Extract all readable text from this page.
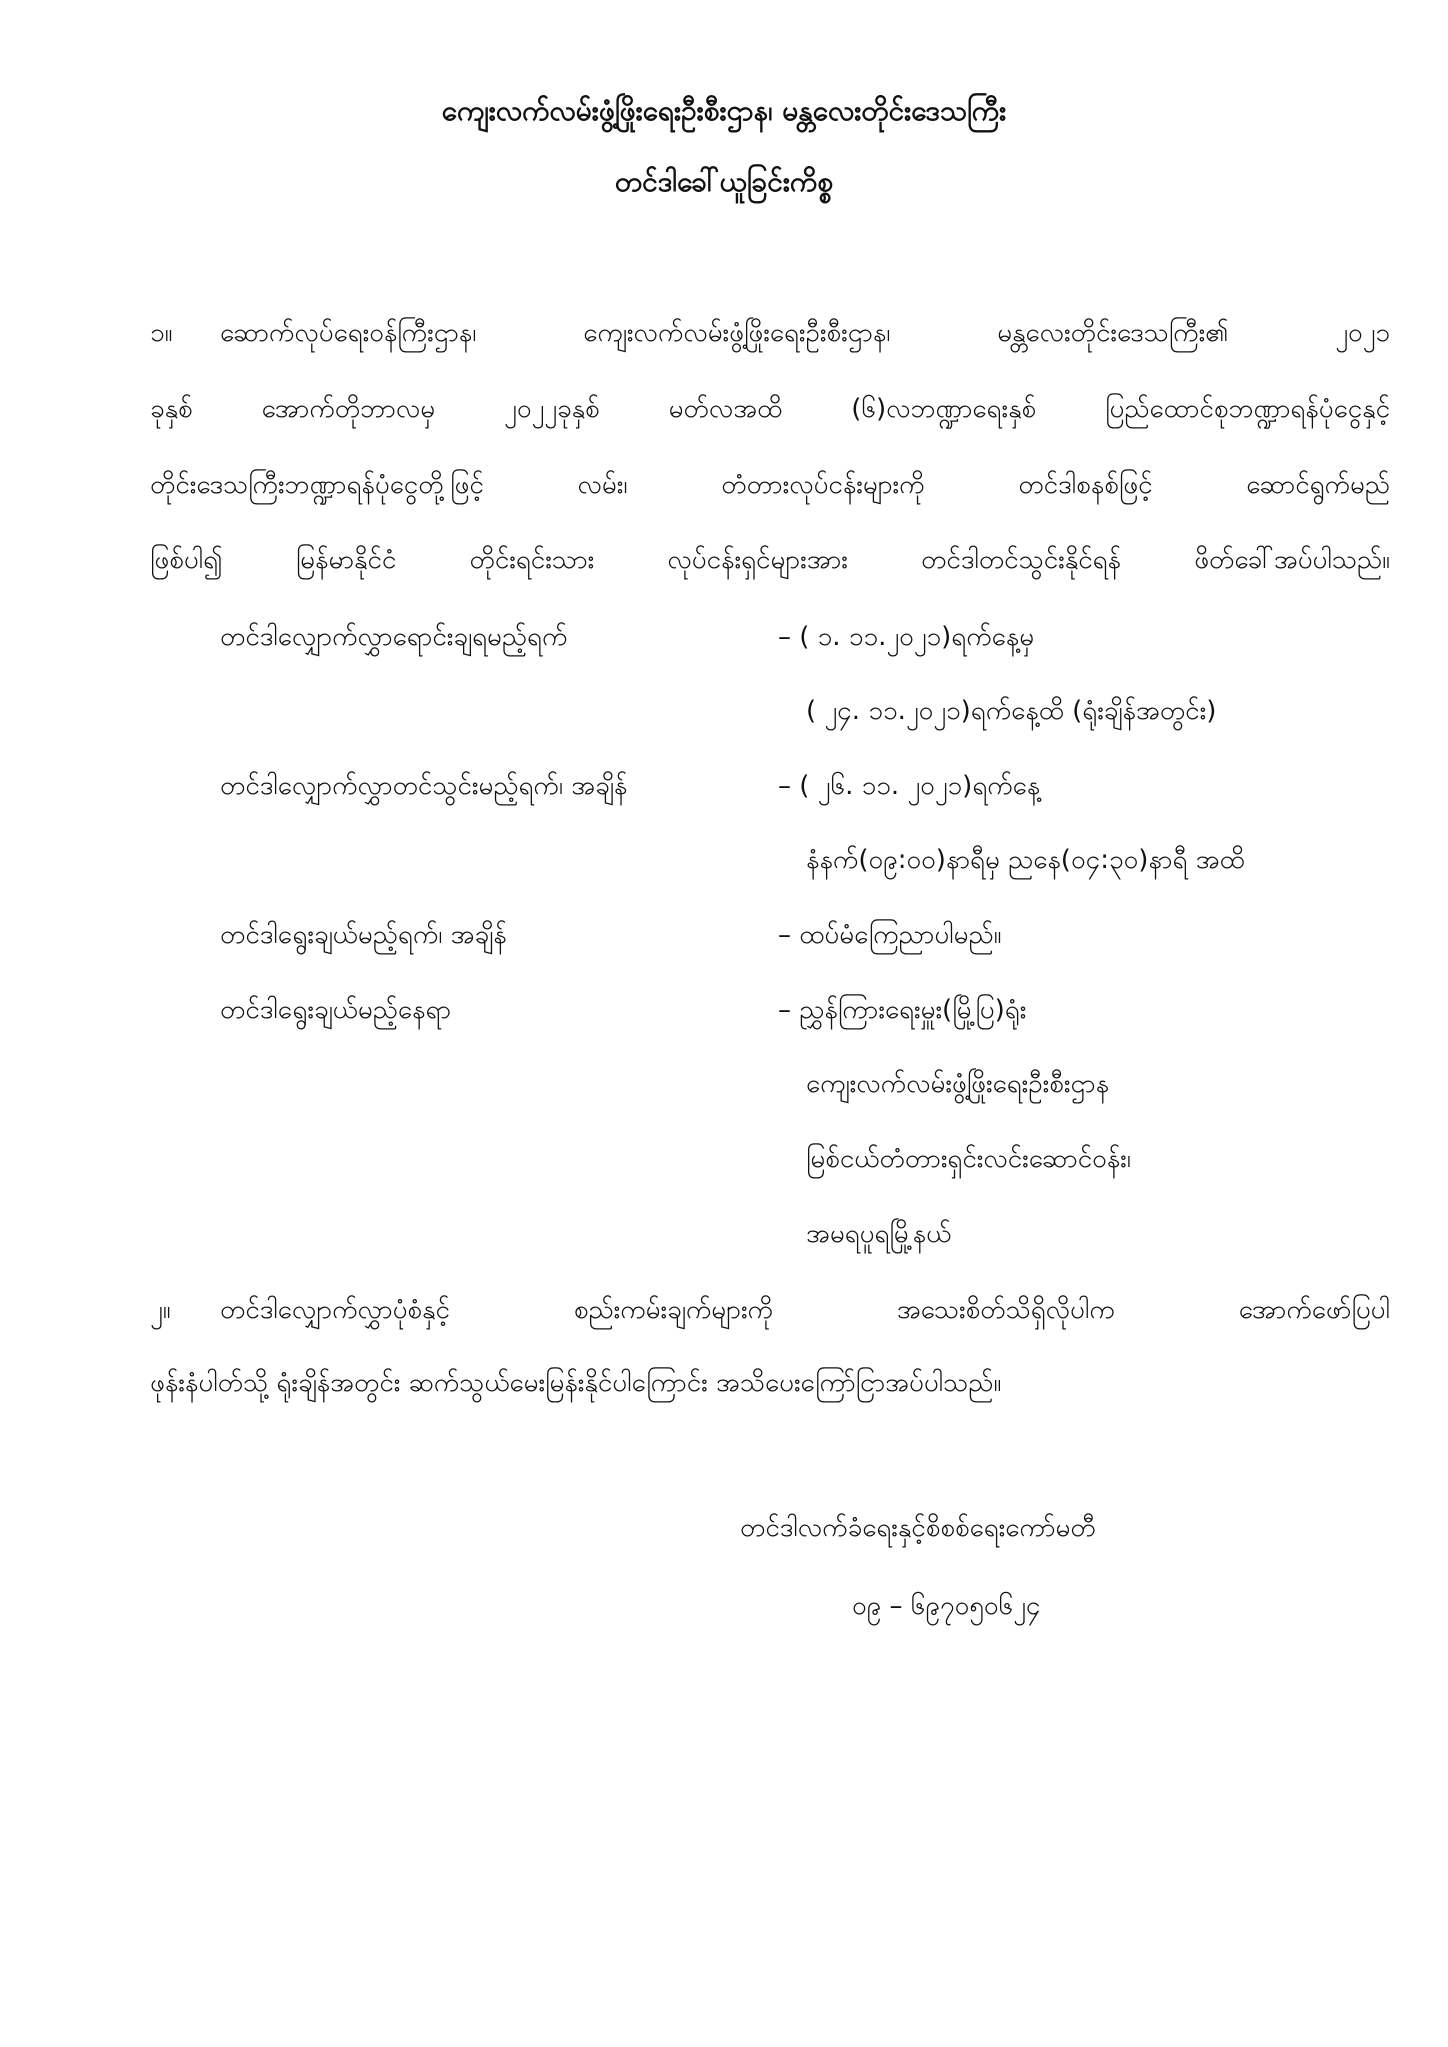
ကျေးလက်လမ်းဖွံ့ဖြိုးရေးဦးစီးဌာန၊ မန္တလေးတိုင်းဒေသကြီး
တင်ဒါခေါ်ယူခြင်းကိစ္စ
၁။ ဆောက်လုပ်ရေးဝန်ကြီးဌာန၊ ကျေးလက်လမ်းဖွံ့ဖြိုးရေးဦးစီးဌာန၊ မန္တလေးတိုင်းဒေသကြီး၏ ၂၀၂၁
ခုနှစ် အောက်တိုဘာလမှ ၂၀၂၂ခုနှစ် မတ်လအထိ (၆)လဘဏ္ဍာရေးနှစ် ပြည်ထောင်စုဘဏ္ဍာရန်ပုံငွေနှင့်
တိုင်းဒေသကြီးဘဏ္ဍာရန်ပုံငွေတို့ဖြင့် လမ်း၊ တံတားလုပ်ငန်းများကို တင်ဒါစနစ်ဖြင့် ဆောင်ရွက်မည်
ဖြစ်ပါ၍ မြန်မာနိုင်ငံ တိုင်းရင်းသား လုပ်ငန်းရှင်များအား တင်ဒါတင်သွင်းနိုင်ရန် ဖိတ်ခေါ်အပ်ပါသည်။
တင်ဒါလျှောက်လွှာရောင်းချရမည့်ရက်	– ( ၁. ၁၁.၂၀၂၁)ရက်နေ့မှ
( ၂၄. ၁၁.၂၀၂၁)ရက်နေ့ထိ (ရုံးချိန်အတွင်း)
တင်ဒါလျှောက်လွှာတင်သွင်းမည့်ရက်၊ အချိန်	– ( ၂၆. ၁၁. ၂၀၂၁)ရက်နေ့
နံနက်(၀၉:၀၀)နာရီမှ ညနေ(၀၄:၃၀)နာရီ အထိ
တင်ဒါရွေးချယ်မည့်ရက်၊ အချိန်	– ထပ်မံကြေညာပါမည်။
တင်ဒါရွေးချယ်မည့်နေရာ	– ညွှန်ကြားရေးမှူး(မြို့ပြ)ရုံး
ကျေးလက်လမ်းဖွံ့ဖြိုးရေးဦးစီးဌာန
မြစ်ငယ်တံတားရှင်းလင်းဆောင်ဝန်း၊
အမရပူရမြို့နယ်
၂။ တင်ဒါလျှောက်လွှာပုံစံနှင့် စည်းကမ်းချက်များကို အသေးစိတ်သိရှိလိုပါက အောက်ဖော်ပြပါ
ဖုန်းနံပါတ်သို့ ရုံးချိန်အတွင်း ဆက်သွယ်မေးမြန်းနိုင်ပါကြောင်း အသိပေးကြော်ငြာအပ်ပါသည်။
တင်ဒါလက်ခံရေးနှင့်စိစစ်ရေးကော်မတီ
၀၉ – ၆၉၇၀၅၀၆၂၄
